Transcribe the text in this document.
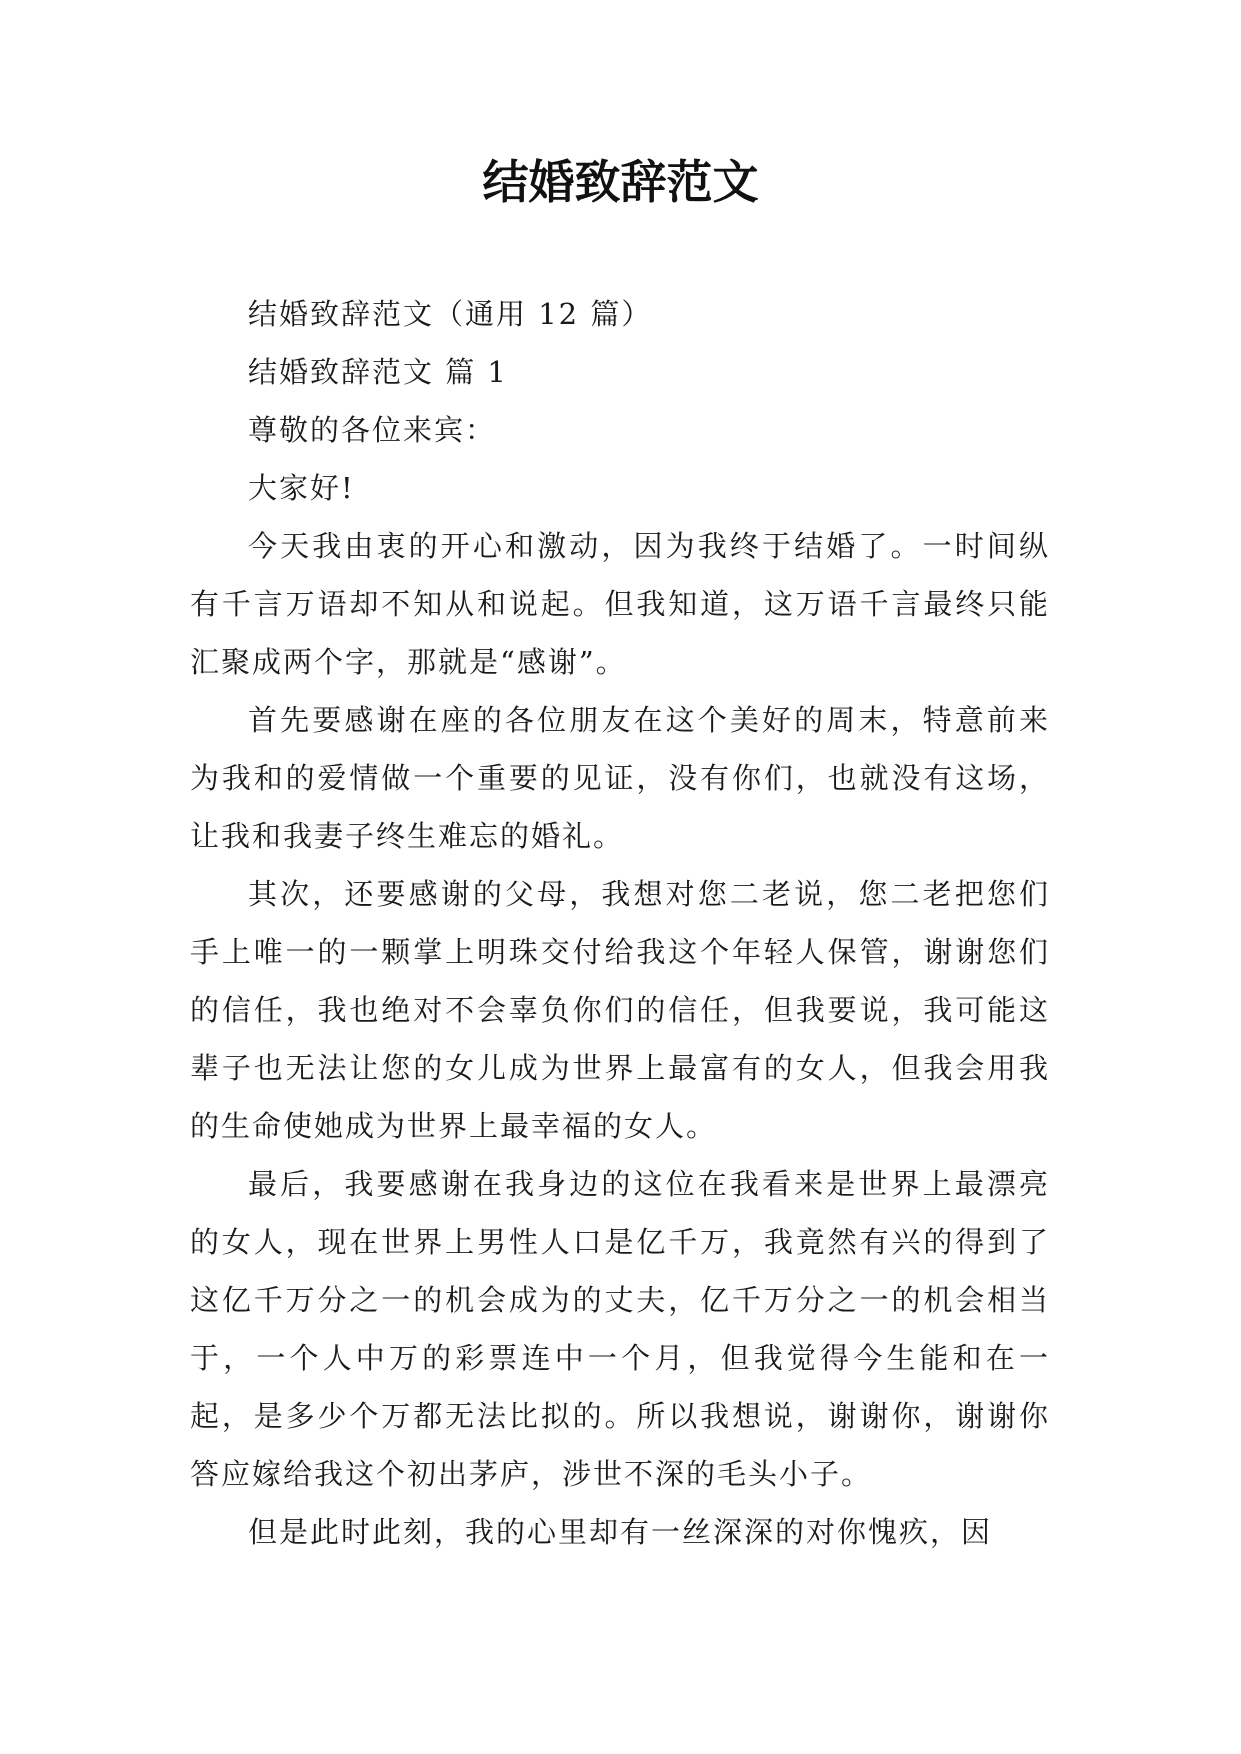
结婚致辞范文

结婚致辞范文（通用 12 篇）

结婚致辞范文 篇 1

尊敬的各位来宾：

大家好!

今天我由衷的开心和激动，因为我终于结婚了。一时间纵有千言万语却不知从和说起。但我知道，这万语千言最终只能汇聚成两个字，那就是“感谢”。

首先要感谢在座的各位朋友在这个美好的周末，特意前来为我和的爱情做一个重要的见证，没有你们，也就没有这场，让我和我妻子终生难忘的婚礼。

其次，还要感谢的父母，我想对您二老说，您二老把您们手上唯一的一颗掌上明珠交付给我这个年轻人保管，谢谢您们的信任，我也绝对不会辜负你们的信任，但我要说，我可能这辈子也无法让您的女儿成为世界上最富有的女人，但我会用我的生命使她成为世界上最幸福的女人。

最后，我要感谢在我身边的这位在我看来是世界上最漂亮的女人，现在世界上男性人口是亿千万，我竟然有兴的得到了这亿千万分之一的机会成为的丈夫，亿千万分之一的机会相当于，一个人中万的彩票连中一个月，但我觉得今生能和在一起，是多少个万都无法比拟的。所以我想说，谢谢你，谢谢你答应嫁给我这个初出茅庐，涉世不深的毛头小子。

但是此时此刻，我的心里却有一丝深深的对你愧疚，因
